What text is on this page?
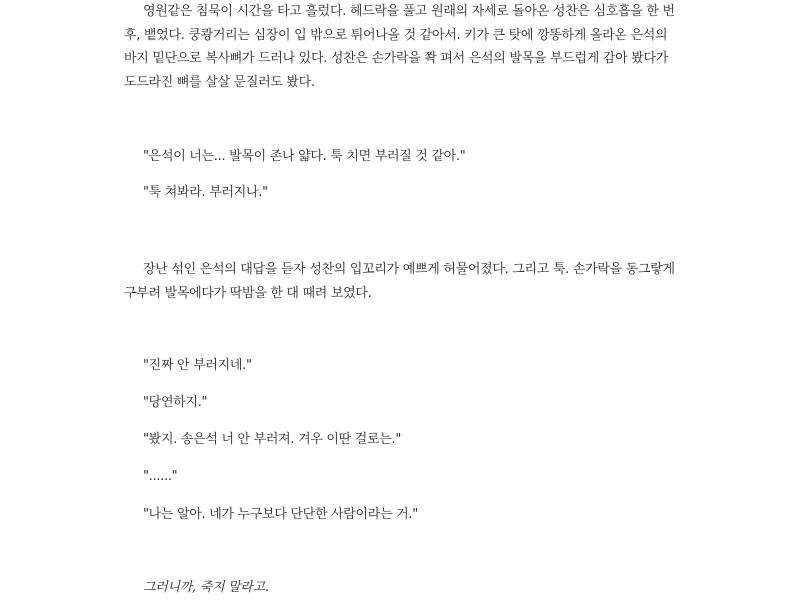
영원같은 침묵이 시간을 타고 흘렀다. 헤드락을 풀고 원래의 자세로 돌아온 성찬은 심호흡을 한 번
후, 뱉었다. 쿵쾅거리는 심장이 입 밖으로 튀어나올 것 같아서. 키가 큰 탓에 깡똥하게 올라온 은석의
바지 밑단으로 복사뼈가 드러나 있다. 성찬은 손가락을 쫙 펴서 은석의 발목을 부드럽게 감아 봤다가
도드라진 뼈를 살살 문질러도 봤다.

"은석이 너는... 발목이 존나 얇다. 툭 치면 부러질 것 같아."

"툭 쳐봐라. 부러지나."

장난 섞인 은석의 대답을 듣자 성찬의 입꼬리가 예쁘게 허물어졌다. 그리고 툭. 손가락을 동그랗게
구부려 발목에다가 딱밤을 한 대 때려 보였다.

"진짜 안 부러지네."

"당연하지."

"봤지. 송은석 너 안 부러져. 겨우 이딴 걸로는."

"......"

"나는 알아. 네가 누구보다 단단한 사람이라는 거."

그러니까, 죽지 말라고.
